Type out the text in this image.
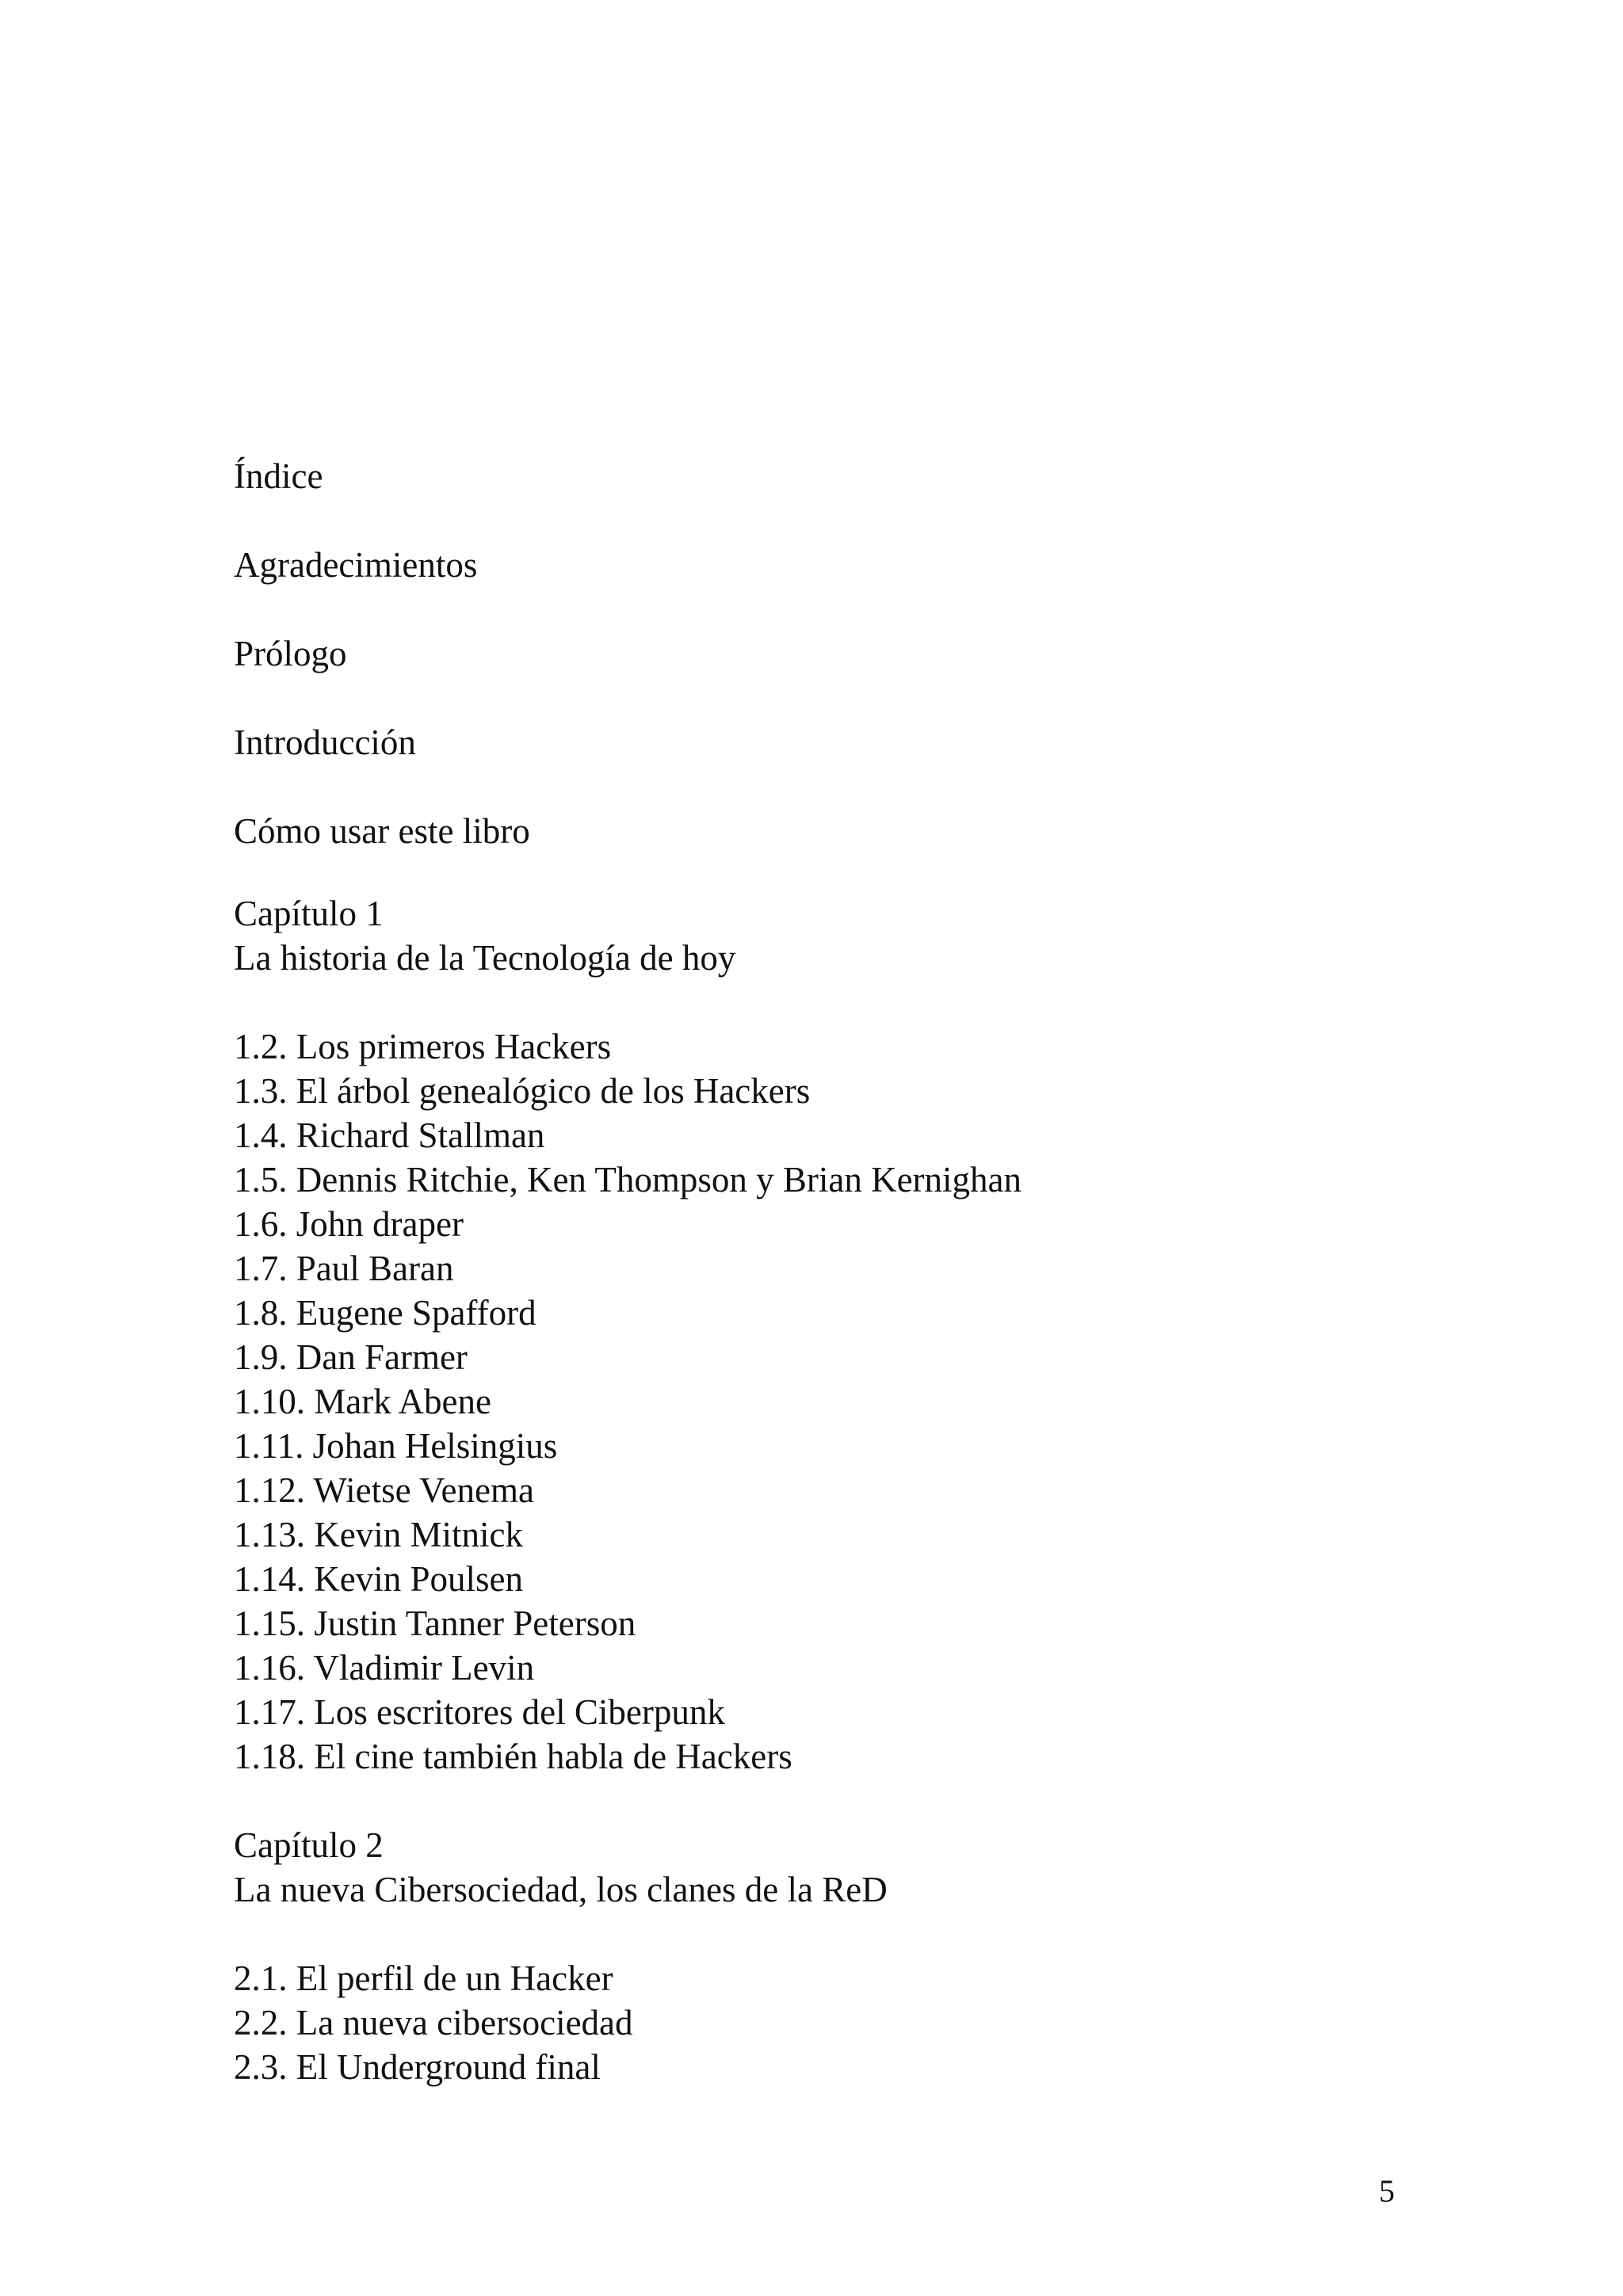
Índice
Agradecimientos
Prólogo
Introducción
Cómo usar este libro
Capítulo 1
La historia de la Tecnología de hoy
1.2. Los primeros Hackers
1.3. El árbol genealógico de los Hackers
1.4. Richard Stallman
1.5. Dennis Ritchie, Ken Thompson y Brian Kernighan
1.6. John draper
1.7. Paul Baran
1.8. Eugene Spafford
1.9. Dan Farmer
1.10. Mark Abene
1.11. Johan Helsingius
1.12. Wietse Venema
1.13. Kevin Mitnick
1.14. Kevin Poulsen
1.15. Justin Tanner Peterson
1.16. Vladimir Levin
1.17. Los escritores del Ciberpunk
1.18. El cine también habla de Hackers
Capítulo 2
La nueva Cibersociedad, los clanes de la ReD
2.1. El perfil de un Hacker
2.2. La nueva cibersociedad
2.3. El Underground final
5
